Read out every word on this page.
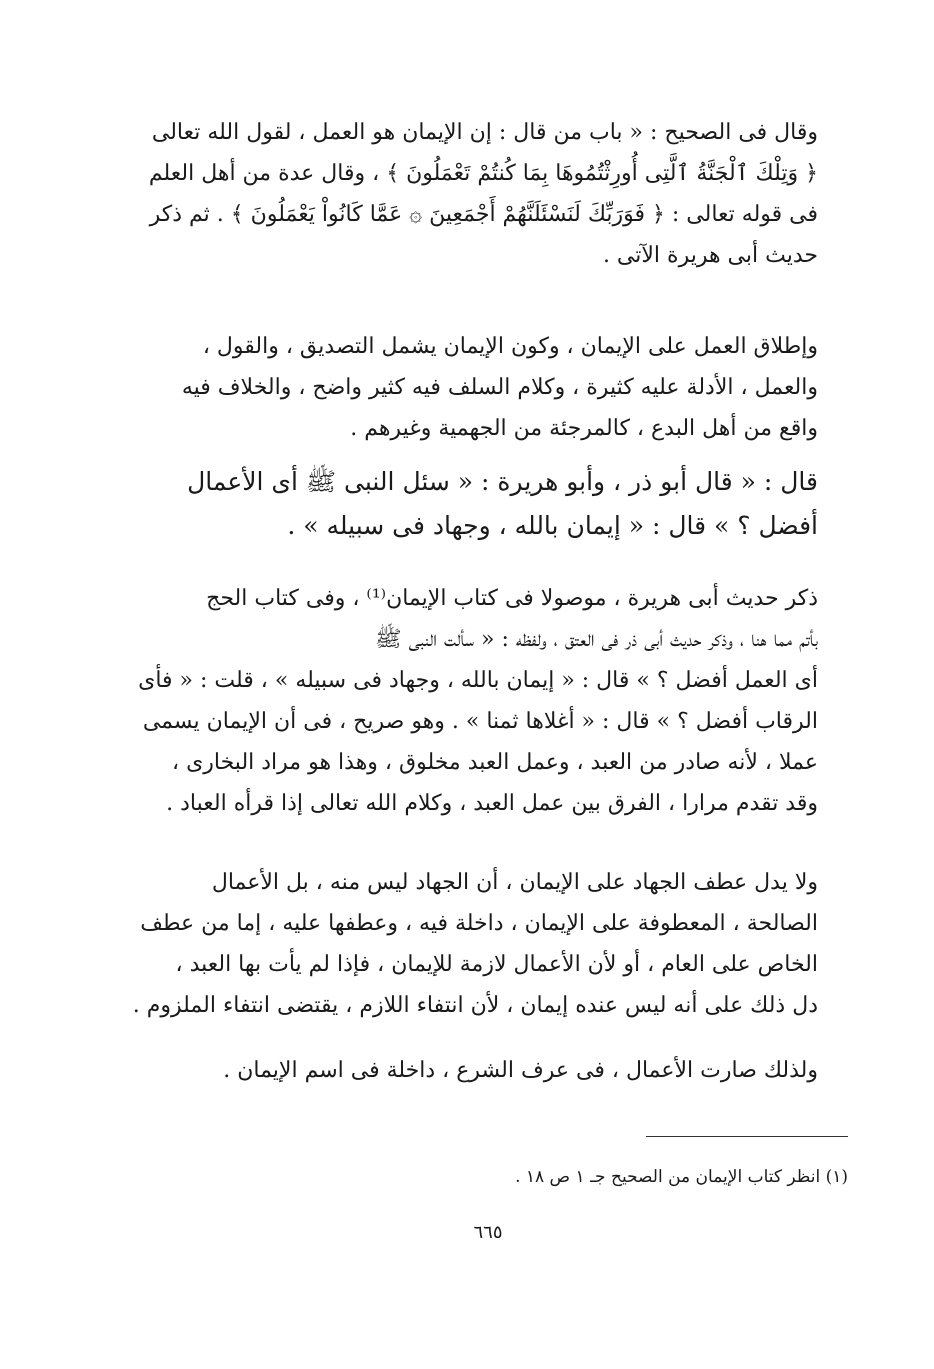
وقال فى الصحيح : « باب من قال : إن الإيمان هو العمل ، لقول الله تعالى
﴿ وَتِلْكَ ٱلْجَنَّةُ ٱلَّتِى أُورِثْتُمُوهَا بِمَا كُنتُمْ تَعْمَلُونَ ﴾ ، وقال عدة من أهل العلم
فى قوله تعالى : ﴿ فَوَرَبِّكَ لَنَسْئَلَنَّهُمْ أَجْمَعِينَ ۞ عَمَّا كَانُواْ يَعْمَلُونَ ﴾ . ثم ذكر
حديث أبى هريرة الآتى .
وإطلاق العمل على الإيمان ، وكون الإيمان يشمل التصديق ، والقول ،
والعمل ، الأدلة عليه كثيرة ، وكلام السلف فيه كثير واضح ، والخلاف فيه
واقع من أهل البدع ، كالمرجئة من الجهمية وغيرهم .
قال : « قال أبو ذر ، وأبو هريرة : « سئل النبى ﷺ أى الأعمال
أفضل ؟ » قال : « إيمان بالله ، وجهاد فى سبيله » .
ذكر حديث أبى هريرة ، موصولا فى كتاب الإيمان⁽¹⁾ ، وفى كتاب الحج
بأتم مما هنا ، وذكر حديث أبى ذر فى العتق ، ولفظه : « سألت النبى ﷺ
أى العمل أفضل ؟ » قال : « إيمان بالله ، وجهاد فى سبيله » ، قلت : « فأى
الرقاب أفضل ؟ » قال : « أغلاها ثمنا » . وهو صريح ، فى أن الإيمان يسمى
عملا ، لأنه صادر من العبد ، وعمل العبد مخلوق ، وهذا هو مراد البخارى ،
وقد تقدم مرارا ، الفرق بين عمل العبد ، وكلام الله تعالى إذا قرأه العباد .
ولا يدل عطف الجهاد على الإيمان ، أن الجهاد ليس منه ، بل الأعمال
الصالحة ، المعطوفة على الإيمان ، داخلة فيه ، وعطفها عليه ، إما من عطف
الخاص على العام ، أو لأن الأعمال لازمة للإيمان ، فإذا لم يأت بها العبد ،
دل ذلك على أنه ليس عنده إيمان ، لأن انتفاء اللازم ، يقتضى انتفاء الملزوم .
ولذلك صارت الأعمال ، فى عرف الشرع ، داخلة فى اسم الإيمان .
(١) انظر كتاب الإيمان من الصحيح جـ ١ ص ١٨ .
٦٦٥
